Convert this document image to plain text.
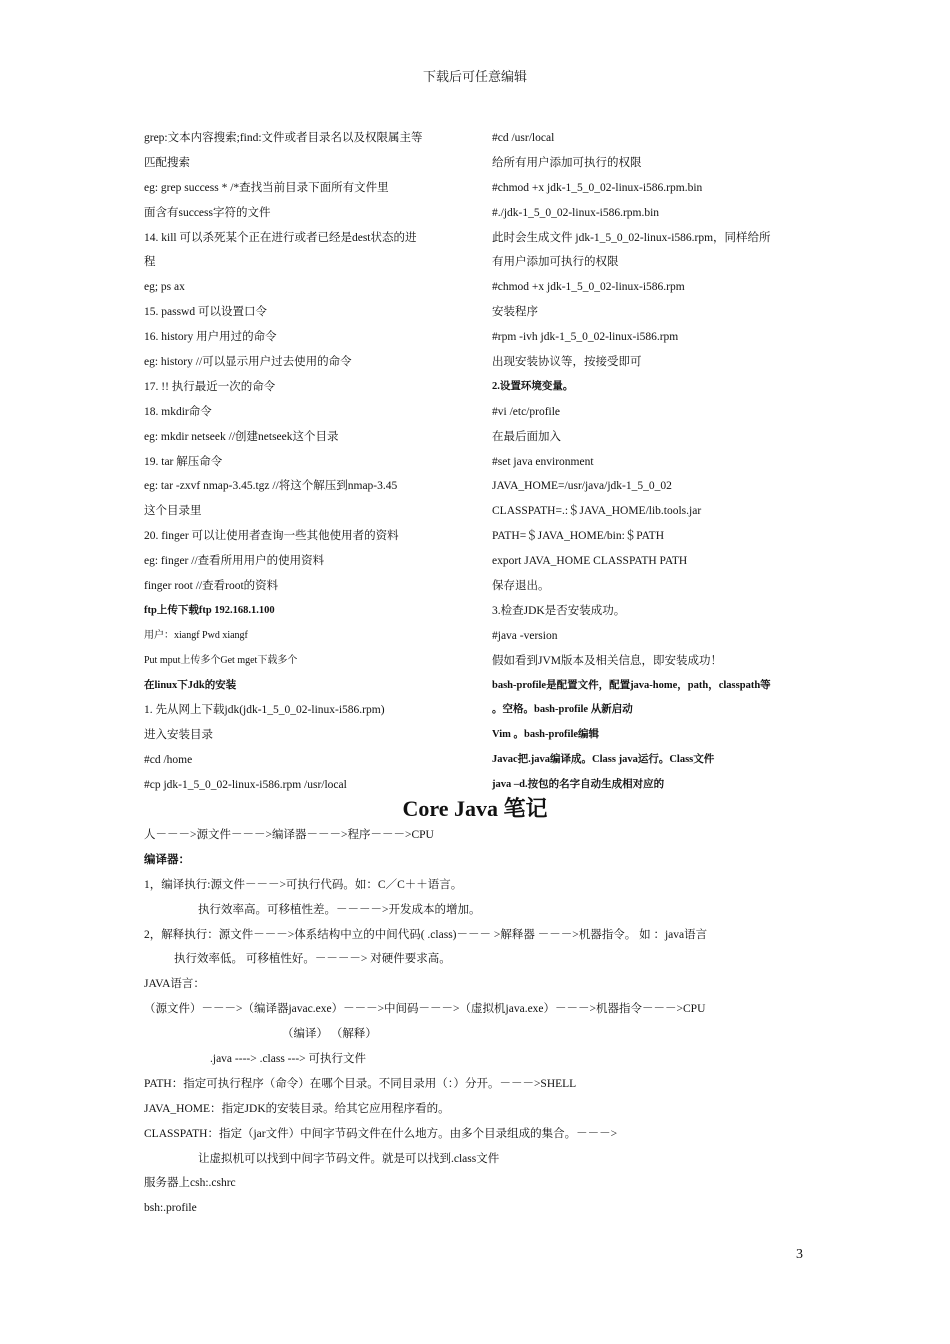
下载后可任意编辑
grep:文本内容搜索;find:文件或者目录名以及权限属主等
匹配搜索
eg: grep success * /*查找当前目录下面所有文件里
面含有success字符的文件
14. kill 可以杀死某个正在进行或者已经是dest状态的进
程
eg; ps ax
15. passwd 可以设置口令
16. history 用户用过的命令
eg: history //可以显示用户过去使用的命令
17. !! 执行最近一次的命令
18. mkdir命令
eg: mkdir netseek //创建netseek这个目录
19. tar 解压命令
eg: tar -zxvf nmap-3.45.tgz //将这个解压到nmap-3.45
这个目录里
20. finger 可以让使用者查询一些其他使用者的资料
eg: finger //查看所用用户的使用资料
finger root //查看root的资料
ftp上传下载ftp 192.168.1.100
用户：xiangf Pwd xiangf
Put mput上传多个Get mget下载多个
在linux下Jdk的安装
1. 先从网上下载jdk(jdk-1_5_0_02-linux-i586.rpm)
进入安装目录
#cd /home
#cp jdk-1_5_0_02-linux-i586.rpm /usr/local
#cd /usr/local
给所有用户添加可执行的权限
#chmod +x jdk-1_5_0_02-linux-i586.rpm.bin
#./jdk-1_5_0_02-linux-i586.rpm.bin
此时会生成文件 jdk-1_5_0_02-linux-i586.rpm，同样给所
有用户添加可执行的权限
#chmod +x jdk-1_5_0_02-linux-i586.rpm
安装程序
#rpm -ivh jdk-1_5_0_02-linux-i586.rpm
出现安装协议等，按接受即可
2.设置环境变量。
#vi /etc/profile
在最后面加入
#set java environment
JAVA_HOME=/usr/java/jdk-1_5_0_02
CLASSPATH=.:＄JAVA_HOME/lib.tools.jar
PATH=＄JAVA_HOME/bin:＄PATH
export JAVA_HOME CLASSPATH PATH
保存退出。
3.检查JDK是否安装成功。
#java -version
假如看到JVM版本及相关信息，即安装成功！
bash-profile是配置文件，配置java-home，path，classpath等
。空格。bash-profile 从新启动
Vim 。bash-profile编辑
Javac把.java编译成。Class java运行。Class文件
java –d.按包的名字自动生成相对应的
Core Java 笔记
人－－－>源文件－－－>编译器－－－>程序－－－>CPU
编译器：
1，编译执行:源文件－－－>可执行代码。如：C／C＋＋语言。
执行效率高。可移植性差。－－－－>开发成本的增加。
2，解释执行：源文件－－－>体系结构中立的中间代码( .class)－－－ >解释器 －－－>机器指令。 如 ：java语言
执行效率低。 可移植性好。－－－－> 对硬件要求高。
JAVA语言：
（源文件）－－－>（编译器javac.exe）－－－>中间码－－－>（虚拟机java.exe）－－－>机器指令－－－>CPU
（编译） （解释）
.java ----> .class ---> 可执行文件
PATH：指定可执行程序（命令）在哪个目录。不同目录用（：）分开。－－－>SHELL
JAVA_HOME：指定JDK的安装目录。给其它应用程序看的。
CLASSPATH：指定（jar文件）中间字节码文件在什么地方。由多个目录组成的集合。－－－>
让虚拟机可以找到中间字节码文件。就是可以找到.class文件
服务器上csh:.cshrc
bsh:.profile
3
